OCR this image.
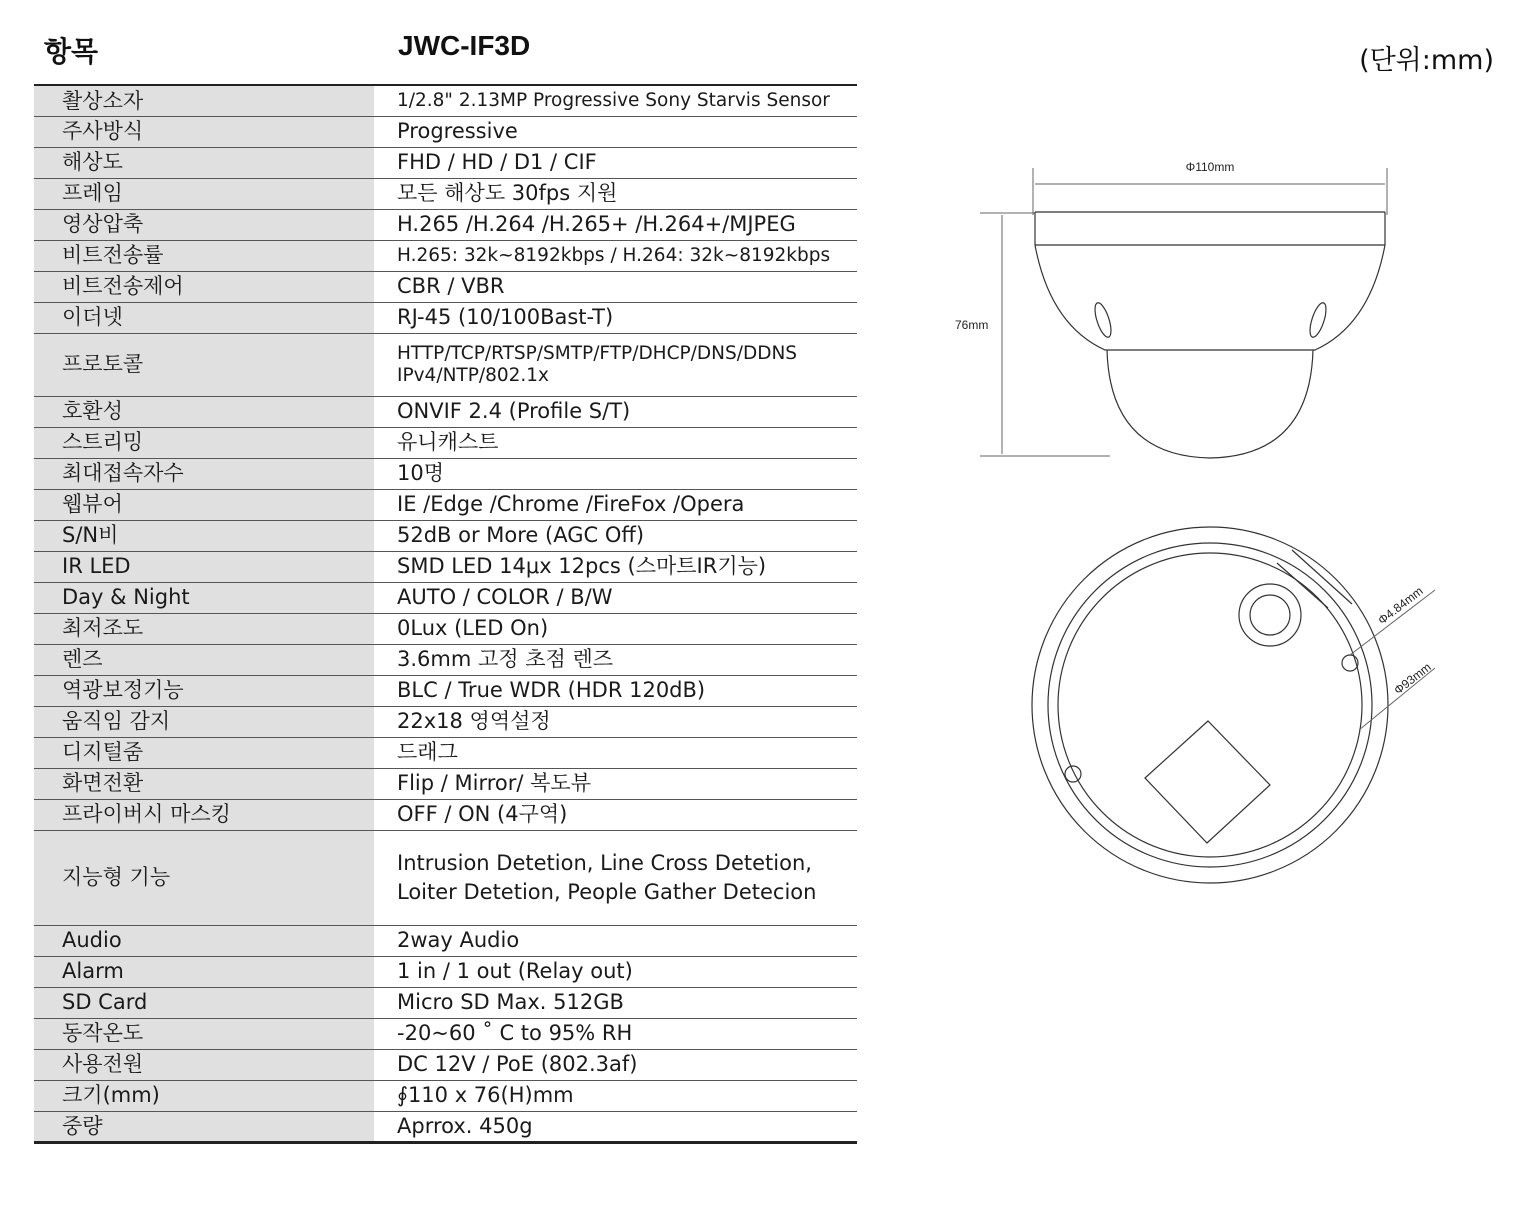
항목	JWC-IF3D	(단위:mm)
촬상소자	1/2.8" 2.13MP Progressive Sony Starvis Sensor
주사방식	Progressive
해상도	FHD / HD / D1 / CIF
프레임	모든 해상도 30fps 지원
영상압축	H.265 /H.264 /H.265+ /H.264+/MJPEG
비트전송률	H.265: 32k~8192kbps / H.264: 32k~8192kbps
비트전송제어	CBR / VBR
이더넷	RJ-45 (10/100Bast-T)
프로토콜	HTTP/TCP/RTSP/SMTP/FTP/DHCP/DNS/DDNS
IPv4/NTP/802.1x

호환성	ONVIF 2.4 (Profile S/T)
스트리밍	유니캐스트
최대접속자수	10명
웹뷰어	IE /Edge /Chrome /FireFox /Opera
S/N비	52dB or More (AGC Off)
IR LED	SMD LED 14μx 12pcs (스마트IR기능)
Day & Night	AUTO / COLOR / B/W
최저조도	0Lux (LED On)
렌즈	3.6mm 고정 초점 렌즈
역광보정기능	BLC / True WDR (HDR 120dB)
움직임 감지	22x18 영역설정
디지털줌	드래그
화면전환	Flip / Mirror/ 복도뷰
프라이버시 마스킹	OFF / ON (4구역)
지능형 기능	Intrusion Detetion, Line Cross Detetion,
Loiter Detetion, People Gather Detecion

Audio	2way Audio
Alarm	1 in / 1 out (Relay out)
SD Card	Micro SD Max. 512GB
동작온도	-20~60 ˚ C to 95% RH
사용전원	DC 12V / PoE (802.3af)
크기(mm)	∮110 x 76(H)mm
중량	Aprrox. 450g
Φ110mm
76mm
Φ4.84mm
Φ93mm
